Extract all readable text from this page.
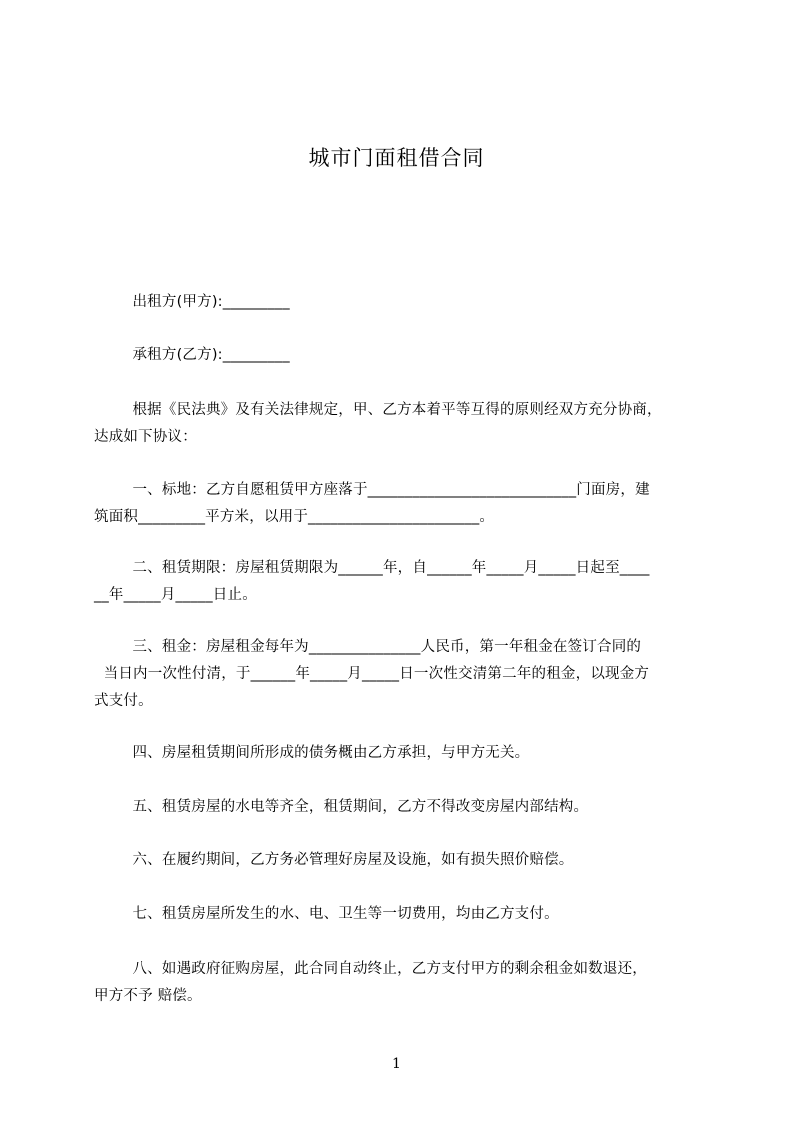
城市门面租借合同
出租方(甲方):_________
承租方(乙方):_________
根据《民法典》及有关法律规定，甲、乙方本着平等互得的原则经双方充分协商，
达成如下协议：
一、标地：乙方自愿租赁甲方座落于____________________________门面房，建
筑面积_________平方米，以用于_______________________。
二、租赁期限：房屋租赁期限为______年，自______年_____月_____日起至____
__年_____月_____日止。
三、租金：房屋租金每年为_______________人民币，第一年租金在签订合同的
当日内一次性付清，于______年_____月_____日一次性交清第二年的租金，以现金方
式支付。
四、房屋租赁期间所形成的债务概由乙方承担，与甲方无关。
五、租赁房屋的水电等齐全，租赁期间，乙方不得改变房屋内部结构。
六、在履约期间，乙方务必管理好房屋及设施，如有损失照价赔偿。
七、租赁房屋所发生的水、电、卫生等一切费用，均由乙方支付。
八、如遇政府征购房屋，此合同自动终止，乙方支付甲方的剩余租金如数退还，
甲方不予 赔偿。
1
